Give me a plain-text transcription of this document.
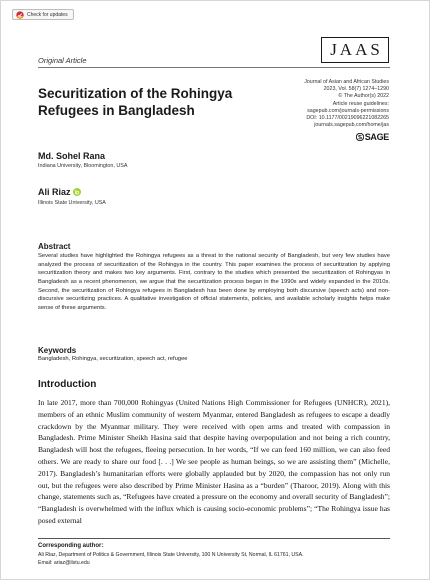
Check for updates
JAAS
Original Article
Securitization of the Rohingya Refugees in Bangladesh
Journal of Asian and African Studies
2023, Vol. 58(7) 1274–1290
© The Author(s) 2022
Article reuse guidelines:
sagepub.com/journals-permissions
DOI: 10.1177/00219096221082265
journals.sagepub.com/home/jas
SAGE
Md. Sohel Rana
Indiana University, Bloomington, USA
Ali Riaz
Illinois State University, USA
Abstract
Several studies have highlighted the Rohingya refugees as a threat to the national security of Bangladesh, but very few studies have analyzed the process of securitization of the Rohingya in the country. This paper examines the process of securitization by applying securitization theory and makes two key arguments. First, contrary to the studies which presented the securitization of Rohingyas in Bangladesh as a recent phenomenon, we argue that the securitization process began in the 1990s and widely expanded in the 2010s. Second, the securitization of Rohingya refugees in Bangladesh has been done by employing both discursive (speech acts) and non-discursive securitizing practices. A qualitative investigation of official statements, policies, and available scholarly insights helps make sense of these arguments.
Keywords
Bangladesh, Rohingya, securitization, speech act, refugee
Introduction
In late 2017, more than 700,000 Rohingyas (United Nations High Commissioner for Refugees (UNHCR), 2021), members of an ethnic Muslim community of western Myanmar, entered Bangladesh as refugees to escape a deadly crackdown by the Myanmar military. They were received with open arms and treated with compassion in Bangladesh. Prime Minister Sheikh Hasina said that despite having overpopulation and not being a rich country, Bangladesh will host the refugees, fleeing persecution. In her words, “If we can feed 160 million, we can also feed others. We are ready to share our food [. . .] We see people as human beings, so we are assisting them” (Michelle, 2017). Bangladesh’s humanitarian efforts were globally applauded but by 2020, the compassion has not only run out, but the refugees were also described by Prime Minister Hasina as a “burden” (Tharoor, 2019). Along with this change, statements such as, “Refugees have created a pressure on the economy and overall security of Bangladesh”; “Bangladesh is overwhelmed with the influx which is causing socio-economic problems”; “The Rohingya issue has posed external
Corresponding author:
Ali Riaz, Department of Politics & Government, Illinois State University, 100 N University St, Normal, IL 61761, USA.
Email: ariaz@ilstu.edu
